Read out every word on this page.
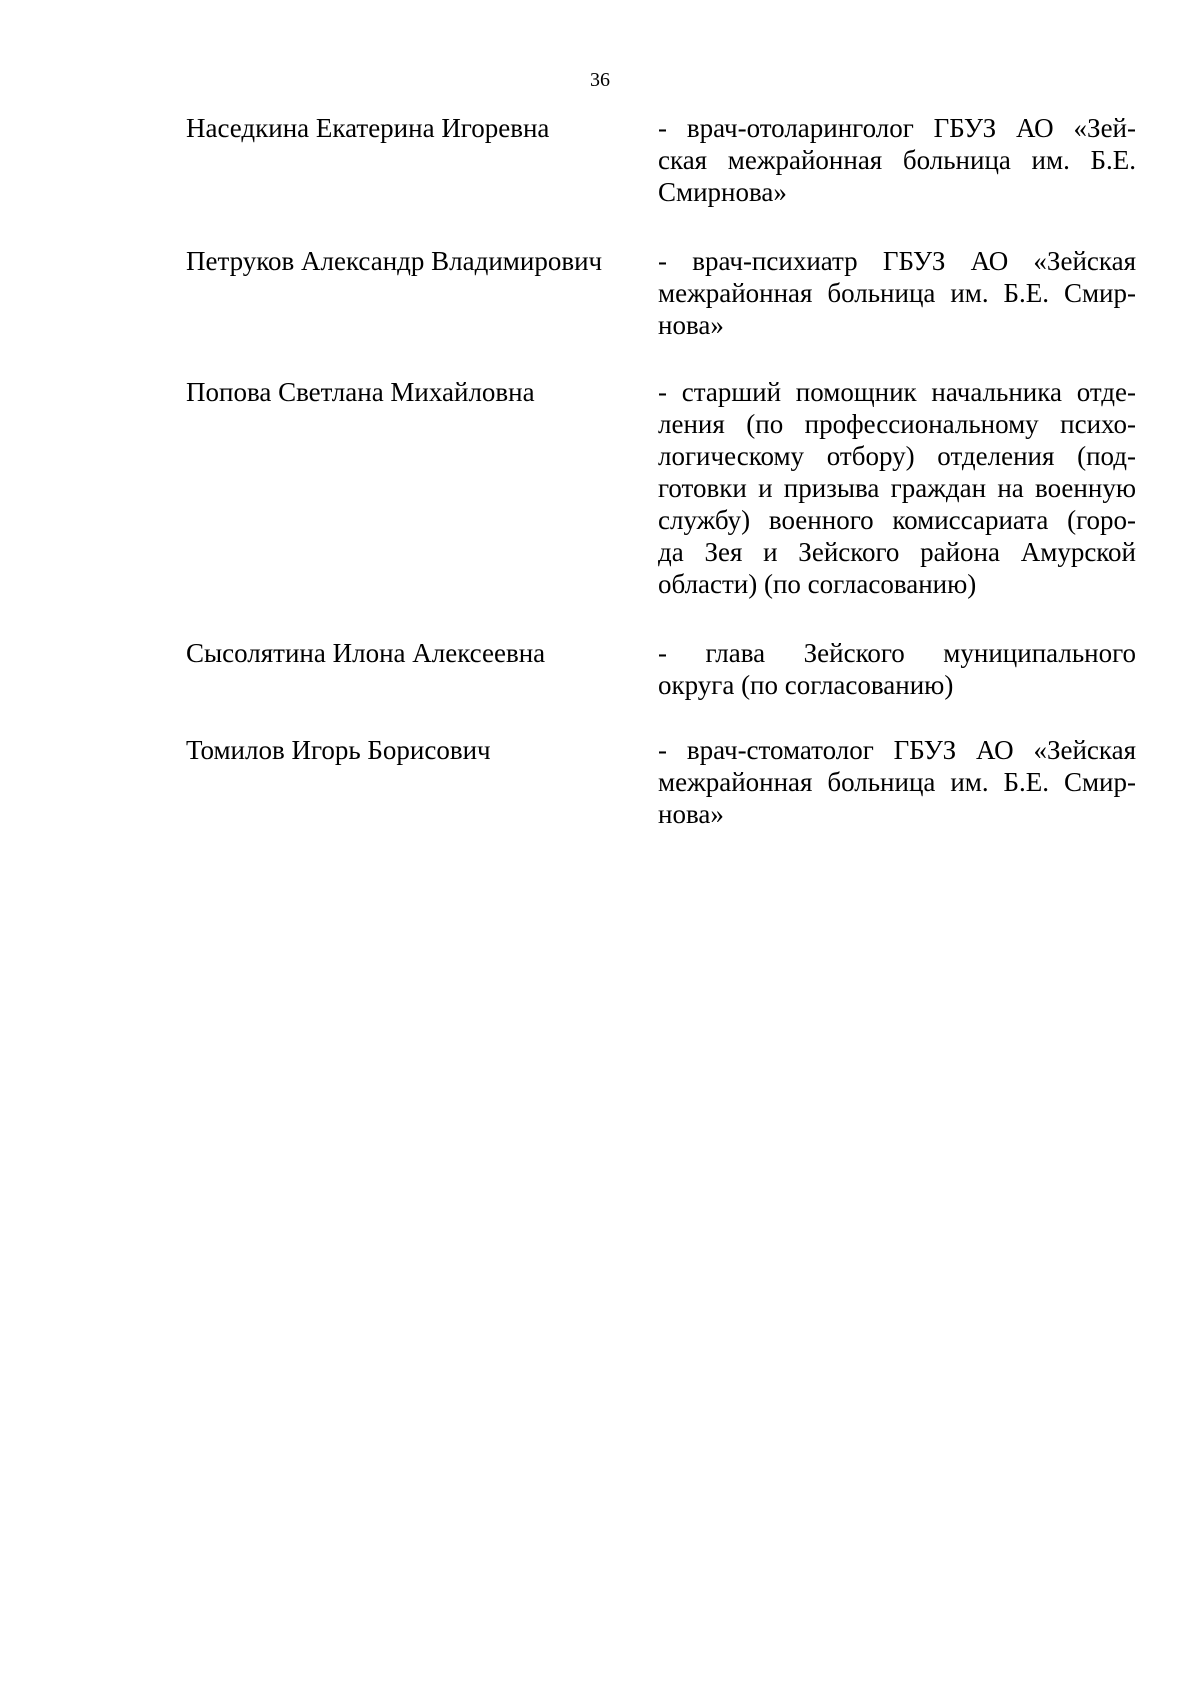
36
Наседкина Екатерина Игоревна	- врач-отоларинголог ГБУЗ АО «Зей-
ская межрайонная больница им. Б.Е.
Смирнова»
Петруков Александр Владимирович	- врач-психиатр ГБУЗ АО «Зейская
межрайонная больница им. Б.Е. Смир-
нова»
Попова Светлана Михайловна	- старший помощник начальника отде-
ления (по профессиональному психо-
логическому отбору) отделения (под-
готовки и призыва граждан на военную
службу) военного комиссариата (горо-
да Зея и Зейского района Амурской
области) (по согласованию)
Сысолятина Илона Алексеевна	- глава Зейского муниципального
округа (по согласованию)
Томилов Игорь Борисович	- врач-стоматолог ГБУЗ АО «Зейская
межрайонная больница им. Б.Е. Смир-
нова»
